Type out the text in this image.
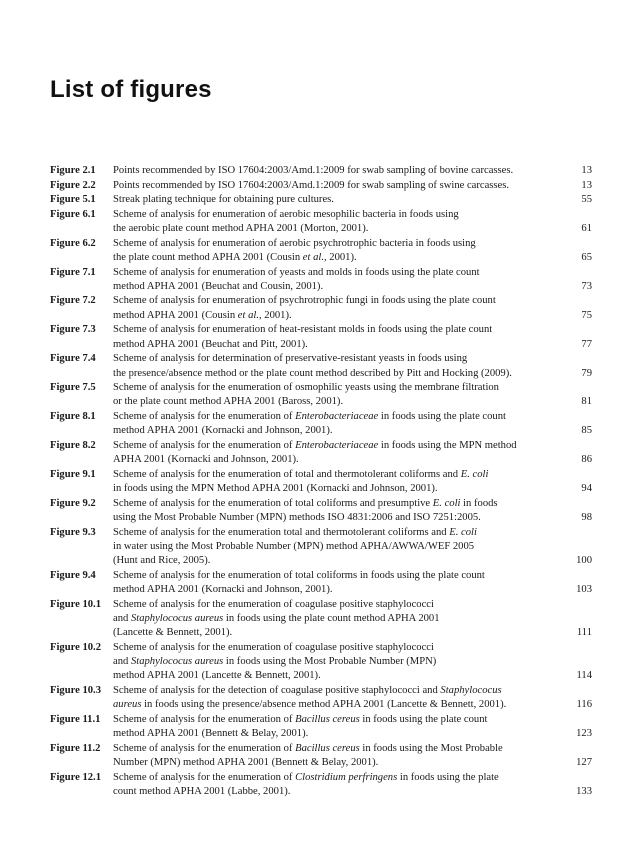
List of figures
Figure 2.1	Points recommended by ISO 17604:2003/Amd.1:2009 for swab sampling of bovine carcasses.	13
Figure 2.2	Points recommended by ISO 17604:2003/Amd.1:2009 for swab sampling of swine carcasses.	13
Figure 5.1	Streak plating technique for obtaining pure cultures.	55
Figure 6.1	Scheme of analysis for enumeration of aerobic mesophilic bacteria in foods using
the aerobic plate count method APHA 2001 (Morton, 2001).	61
Figure 6.2	Scheme of analysis for enumeration of aerobic psychrotrophic bacteria in foods using
the plate count method APHA 2001 (Cousin et al., 2001).	65
Figure 7.1	Scheme of analysis for enumeration of yeasts and molds in foods using the plate count
method APHA 2001 (Beuchat and Cousin, 2001).	73
Figure 7.2	Scheme of analysis for enumeration of psychrotrophic fungi in foods using the plate count
method APHA 2001 (Cousin et al., 2001).	75
Figure 7.3	Scheme of analysis for enumeration of heat-resistant molds in foods using the plate count
method APHA 2001 (Beuchat and Pitt, 2001).	77
Figure 7.4	Scheme of analysis for determination of preservative-resistant yeasts in foods using
the presence/absence method or the plate count method described by Pitt and Hocking (2009).	79
Figure 7.5	Scheme of analysis for the enumeration of osmophilic yeasts using the membrane filtration
or the plate count method APHA 2001 (Baross, 2001).	81
Figure 8.1	Scheme of analysis for the enumeration of Enterobacteriaceae in foods using the plate count
method APHA 2001 (Kornacki and Johnson, 2001).	85
Figure 8.2	Scheme of analysis for the enumeration of Enterobacteriaceae in foods using the MPN method
APHA 2001 (Kornacki and Johnson, 2001).	86
Figure 9.1	Scheme of analysis for the enumeration of total and thermotolerant coliforms and E. coli
in foods using the MPN Method APHA 2001 (Kornacki and Johnson, 2001).	94
Figure 9.2	Scheme of analysis for the enumeration of total coliforms and presumptive E. coli in foods
using the Most Probable Number (MPN) methods ISO 4831:2006 and ISO 7251:2005.	98
Figure 9.3	Scheme of analysis for the enumeration total and thermotolerant coliforms and E. coli
in water using the Most Probable Number (MPN) method APHA/AWWA/WEF 2005
(Hunt and Rice, 2005).	100
Figure 9.4	Scheme of analysis for the enumeration of total coliforms in foods using the plate count
method APHA 2001 (Kornacki and Johnson, 2001).	103
Figure 10.1	Scheme of analysis for the enumeration of coagulase positive staphylococci
and Staphylococus aureus in foods using the plate count method APHA 2001
(Lancette & Bennett, 2001).	111
Figure 10.2	Scheme of analysis for the enumeration of coagulase positive staphylococci
and Staphylococus aureus in foods using the Most Probable Number (MPN)
method APHA 2001 (Lancette & Bennett, 2001).	114
Figure 10.3	Scheme of analysis for the detection of coagulase positive staphylococci and Staphylococus
aureus in foods using the presence/absence method APHA 2001 (Lancette & Bennett, 2001).	116
Figure 11.1	Scheme of analysis for the enumeration of Bacillus cereus in foods using the plate count
method APHA 2001 (Bennett & Belay, 2001).	123
Figure 11.2	Scheme of analysis for the enumeration of Bacillus cereus in foods using the Most Probable
Number (MPN) method APHA 2001 (Bennett & Belay, 2001).	127
Figure 12.1	Scheme of analysis for the enumeration of Clostridium perfringens in foods using the plate
count method APHA 2001 (Labbe, 2001).	133
